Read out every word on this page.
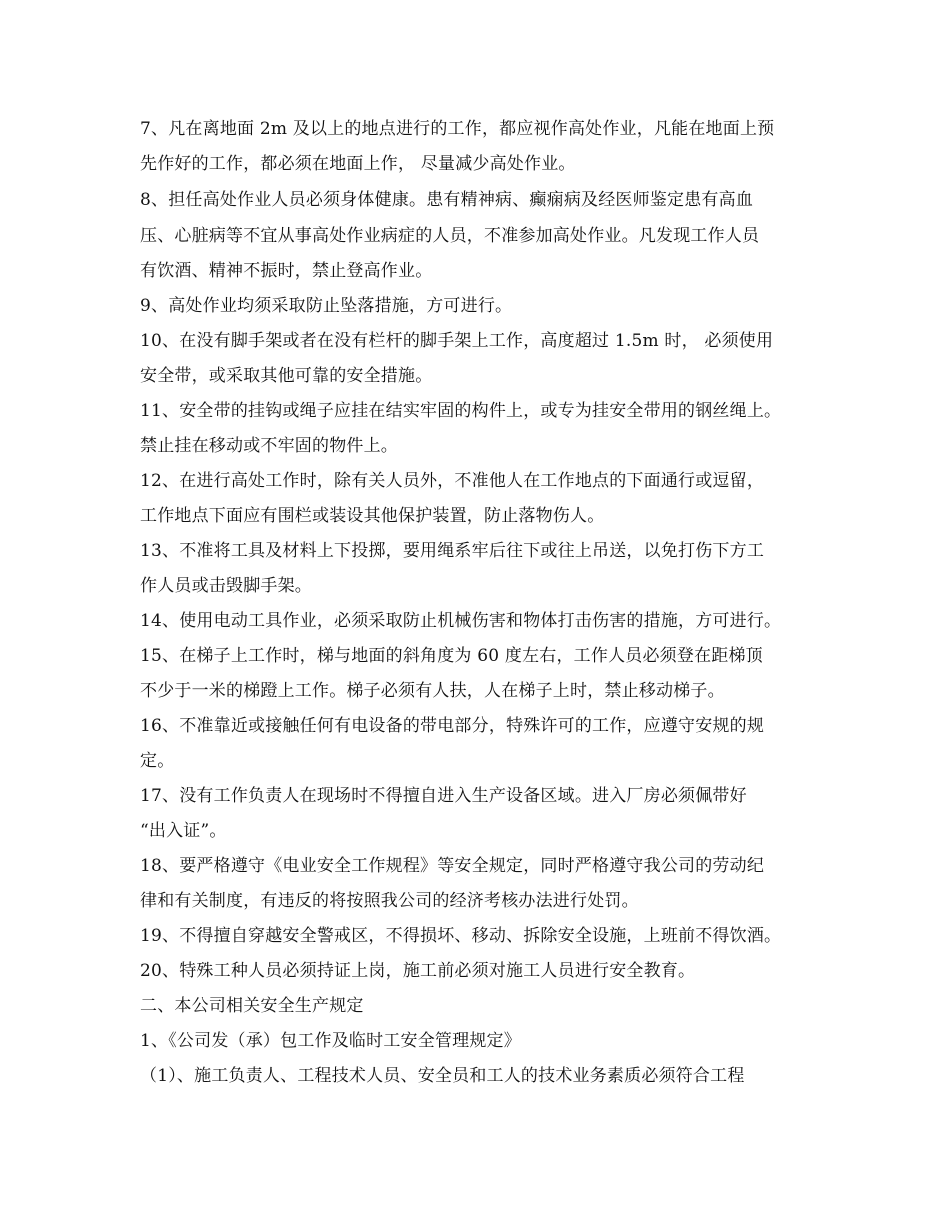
7、凡在离地面 2m 及以上的地点进行的工作，都应视作高处作业，凡能在地面上预
先作好的工作，都必须在地面上作， 尽量减少高处作业。
8、担任高处作业人员必须身体健康。患有精神病、癫痫病及经医师鉴定患有高血
压、心脏病等不宜从事高处作业病症的人员，不准参加高处作业。凡发现工作人员
有饮酒、精神不振时，禁止登高作业。
9、高处作业均须采取防止坠落措施，方可进行。
10、在没有脚手架或者在没有栏杆的脚手架上工作，高度超过 1.5m 时， 必须使用
安全带，或采取其他可靠的安全措施。
11、安全带的挂钩或绳子应挂在结实牢固的构件上，或专为挂安全带用的钢丝绳上。
禁止挂在移动或不牢固的物件上。
12、在进行高处工作时，除有关人员外，不准他人在工作地点的下面通行或逗留，
工作地点下面应有围栏或装设其他保护装置，防止落物伤人。
13、不准将工具及材料上下投掷，要用绳系牢后往下或往上吊送，以免打伤下方工
作人员或击毁脚手架。
14、使用电动工具作业，必须采取防止机械伤害和物体打击伤害的措施，方可进行。
15、在梯子上工作时，梯与地面的斜角度为 60 度左右，工作人员必须登在距梯顶
不少于一米的梯蹬上工作。梯子必须有人扶，人在梯子上时，禁止移动梯子。
16、不准靠近或接触任何有电设备的带电部分，特殊许可的工作，应遵守安规的规
定。
17、没有工作负责人在现场时不得擅自进入生产设备区域。进入厂房必须佩带好
“出入证”。
18、要严格遵守《电业安全工作规程》等安全规定，同时严格遵守我公司的劳动纪
律和有关制度，有违反的将按照我公司的经济考核办法进行处罚。
19、不得擅自穿越安全警戒区，不得损坏、移动、拆除安全设施，上班前不得饮酒。
20、特殊工种人员必须持证上岗，施工前必须对施工人员进行安全教育。
二、本公司相关安全生产规定
1、《公司发（承）包工作及临时工安全管理规定》
（1）、施工负责人、工程技术人员、安全员和工人的技术业务素质必须符合工程
